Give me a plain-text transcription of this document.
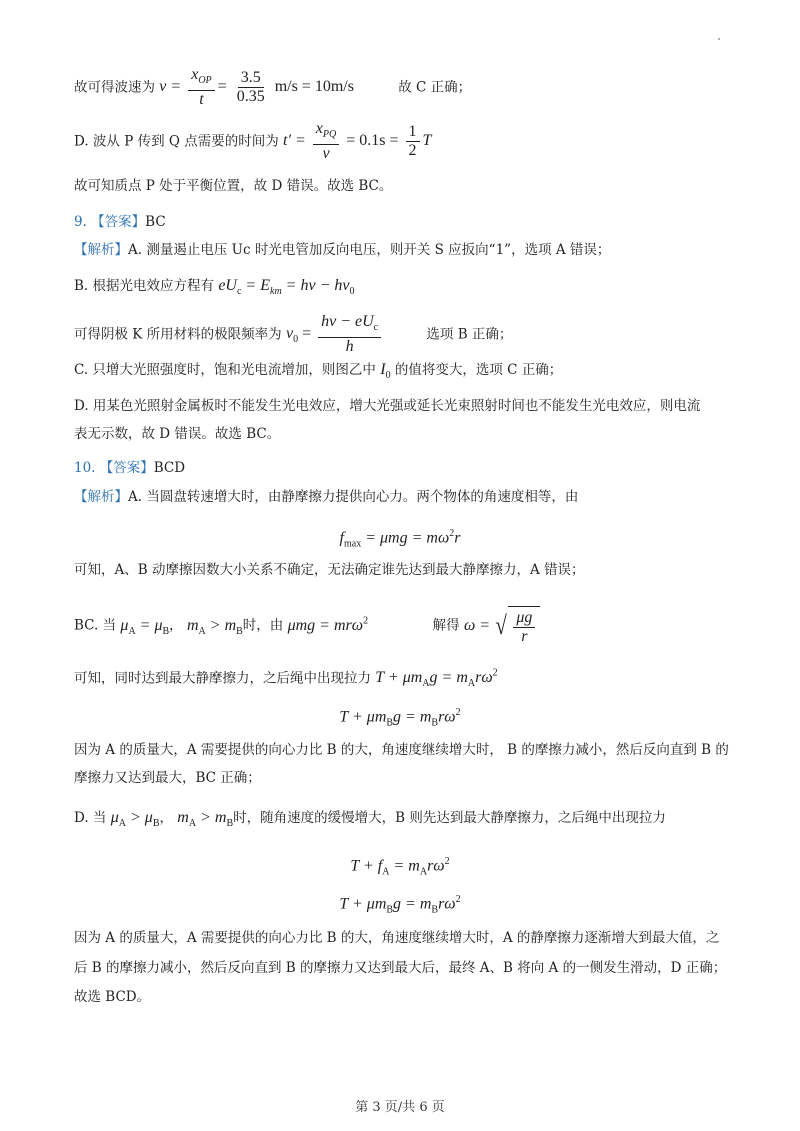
故可得波速为 $v = \frac{x_{OP}}{t} = \frac{3.5}{0.35} m/s = 10m/s$	故 C 正确；
D. 波从 P 传到 Q 点需要的时间为 $t' = \frac{x_{PQ}}{v} = 0.1s = \frac{1}{2}$ T
故可知质点 P 处于平衡位置，故 D 错误。故选 BC。
9. 【答案】BC
【解析】A. 测量遏止电压 Uc 时光电管加反向电压，则开关 S 应扳向“1”，选项 A 错误；
B. 根据光电效应方程有 $eU_c = E_{km} = h\nu - h\nu_0$
可得阴极 K 所用材料的极限频率为 $\nu_0 = \frac{h\nu - eU_c}{h}$	选项 B 正确；
C. 只增大光照强度时，饱和光电流增加，则图乙中 $I_0$ 的值将变大，选项 C 正确；
D. 用某色光照射金属板时不能发生光电效应，增大光强或延长光束照射时间也不能发生光电效应，则电流
表无示数，故 D 错误。故选 BC。
10. 【答案】BCD
【解析】A. 当圆盘转速增大时，由静摩擦力提供向心力。两个物体的角速度相等，由
$f_{max} = \mu mg = m\omega^2r$
可知，A、B 动摩擦因数大小关系不确定，无法确定谁先达到最大静摩擦力，A 错误；
BC. 当 $\mu_A = \mu_B$， $m_A > m_B$时，由 μmg = mrω$^2$	解得 ω = √ $\frac{\mu g}{r}$
可知，同时达到最大静摩擦力，之后绳中出现拉力 $T + \mu m_Ag = m_Ar\omega^2$
$T + \mu m_Bg = m_Br\omega^2$
因为 A 的质量大，A 需要提供的向心力比 B 的大，角速度继续增大时， B 的摩擦力减小，然后反向直到 B 的
摩擦力又达到最大，BC 正确；
D. 当 $\mu_A > \mu_B$， $m_A > m_B$时，随角速度的缓慢增大，B 则先达到最大静摩擦力，之后绳中出现拉力
$T + f_A = m_Ar\omega^2$
$T + \mu m_Bg = m_Br\omega^2$
因为 A 的质量大，A 需要提供的向心力比 B 的大，角速度继续增大时，A 的静摩擦力逐渐增大到最大值，之
后 B 的摩擦力减小，然后反向直到 B 的摩擦力又达到最大后，最终 A、B 将向 A 的一侧发生滑动，D 正确；
故选 BCD。
第 3 页/共 6 页
